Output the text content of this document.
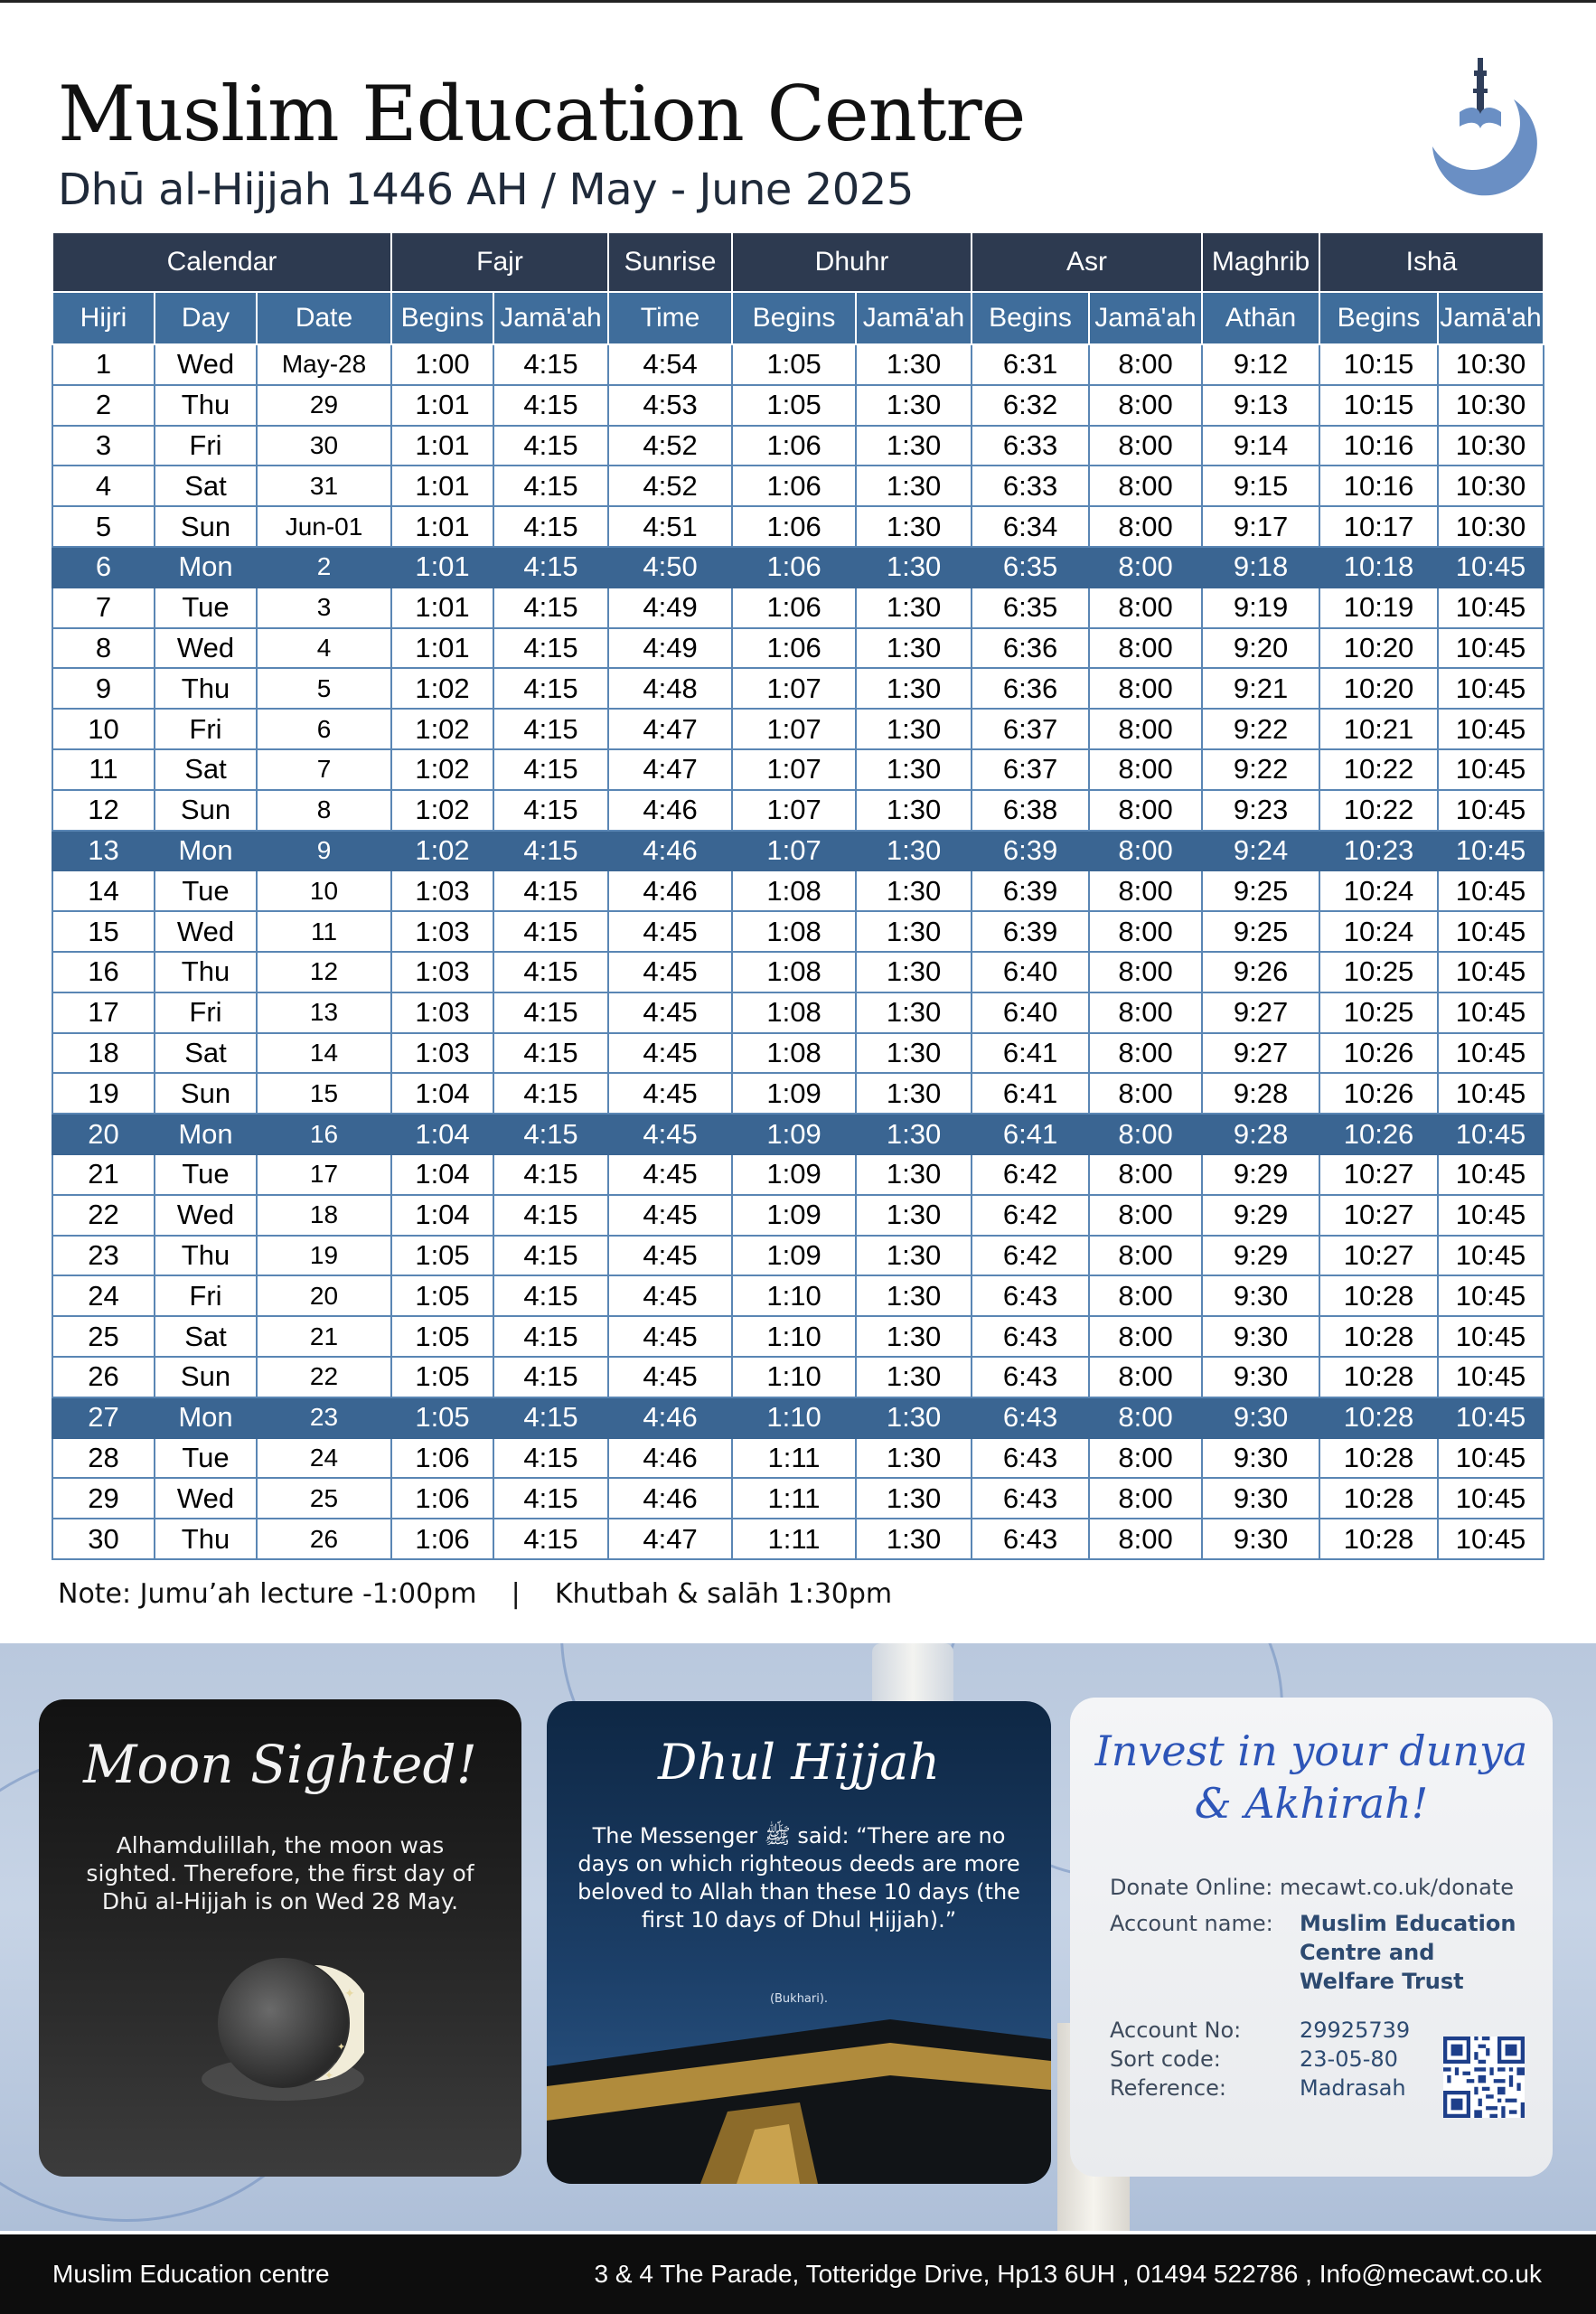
Muslim Education Centre
Dhū al-Hijjah 1446 AH / May - June 2025
Calendar			Fajr		Sunrise	Dhuhr		Asr		Maghrib	Ishā	
Hijri	Day	Date	Begins	Jamā'ah	Time	Begins	Jamā'ah	Begins	Jamā'ah	Athān	Begins	Jamā'ah
1	Wed	May-28	1:00	4:15	4:54	1:05	1:30	6:31	8:00	9:12	10:15	10:30
2	Thu	29	1:01	4:15	4:53	1:05	1:30	6:32	8:00	9:13	10:15	10:30
3	Fri	30	1:01	4:15	4:52	1:06	1:30	6:33	8:00	9:14	10:16	10:30
4	Sat	31	1:01	4:15	4:52	1:06	1:30	6:33	8:00	9:15	10:16	10:30
5	Sun	Jun-01	1:01	4:15	4:51	1:06	1:30	6:34	8:00	9:17	10:17	10:30
6	Mon	2	1:01	4:15	4:50	1:06	1:30	6:35	8:00	9:18	10:18	10:45
7	Tue	3	1:01	4:15	4:49	1:06	1:30	6:35	8:00	9:19	10:19	10:45
8	Wed	4	1:01	4:15	4:49	1:06	1:30	6:36	8:00	9:20	10:20	10:45
9	Thu	5	1:02	4:15	4:48	1:07	1:30	6:36	8:00	9:21	10:20	10:45
10	Fri	6	1:02	4:15	4:47	1:07	1:30	6:37	8:00	9:22	10:21	10:45
11	Sat	7	1:02	4:15	4:47	1:07	1:30	6:37	8:00	9:22	10:22	10:45
12	Sun	8	1:02	4:15	4:46	1:07	1:30	6:38	8:00	9:23	10:22	10:45
13	Mon	9	1:02	4:15	4:46	1:07	1:30	6:39	8:00	9:24	10:23	10:45
14	Tue	10	1:03	4:15	4:46	1:08	1:30	6:39	8:00	9:25	10:24	10:45
15	Wed	11	1:03	4:15	4:45	1:08	1:30	6:39	8:00	9:25	10:24	10:45
16	Thu	12	1:03	4:15	4:45	1:08	1:30	6:40	8:00	9:26	10:25	10:45
17	Fri	13	1:03	4:15	4:45	1:08	1:30	6:40	8:00	9:27	10:25	10:45
18	Sat	14	1:03	4:15	4:45	1:08	1:30	6:41	8:00	9:27	10:26	10:45
19	Sun	15	1:04	4:15	4:45	1:09	1:30	6:41	8:00	9:28	10:26	10:45
20	Mon	16	1:04	4:15	4:45	1:09	1:30	6:41	8:00	9:28	10:26	10:45
21	Tue	17	1:04	4:15	4:45	1:09	1:30	6:42	8:00	9:29	10:27	10:45
22	Wed	18	1:04	4:15	4:45	1:09	1:30	6:42	8:00	9:29	10:27	10:45
23	Thu	19	1:05	4:15	4:45	1:09	1:30	6:42	8:00	9:29	10:27	10:45
24	Fri	20	1:05	4:15	4:45	1:10	1:30	6:43	8:00	9:30	10:28	10:45
25	Sat	21	1:05	4:15	4:45	1:10	1:30	6:43	8:00	9:30	10:28	10:45
26	Sun	22	1:05	4:15	4:45	1:10	1:30	6:43	8:00	9:30	10:28	10:45
27	Mon	23	1:05	4:15	4:46	1:10	1:30	6:43	8:00	9:30	10:28	10:45
28	Tue	24	1:06	4:15	4:46	1:11	1:30	6:43	8:00	9:30	10:28	10:45
29	Wed	25	1:06	4:15	4:46	1:11	1:30	6:43	8:00	9:30	10:28	10:45
30	Thu	26	1:06	4:15	4:47	1:11	1:30	6:43	8:00	9:30	10:28	10:45
Note: Jumu’ah lecture -1:00pm | Khutbah & salāh 1:30pm
Moon Sighted!
Alhamdulillah, the moon was sighted. Therefore, the first day of Dhū al-Hijjah is on Wed 28 May.
✦
✦
✦
Dhul Hijjah
The Messenger ﷺ said: “There are no days on which righteous deeds are more beloved to Allah than these 10 days (the first 10 days of Dhul Ḥijjah).”
(Bukhari).
Invest in your dunya & Akhirah!
Donate Online: mecawt.co.uk/donate
Account name:	Muslim Education Centre and Welfare Trust
Account No:	29925739
Sort code:	23-05-80
Reference:	Madrasah
Muslim Education centre	3 & 4 The Parade, Totteridge Drive, Hp13 6UH , 01494 522786 , Info@mecawt.co.uk
